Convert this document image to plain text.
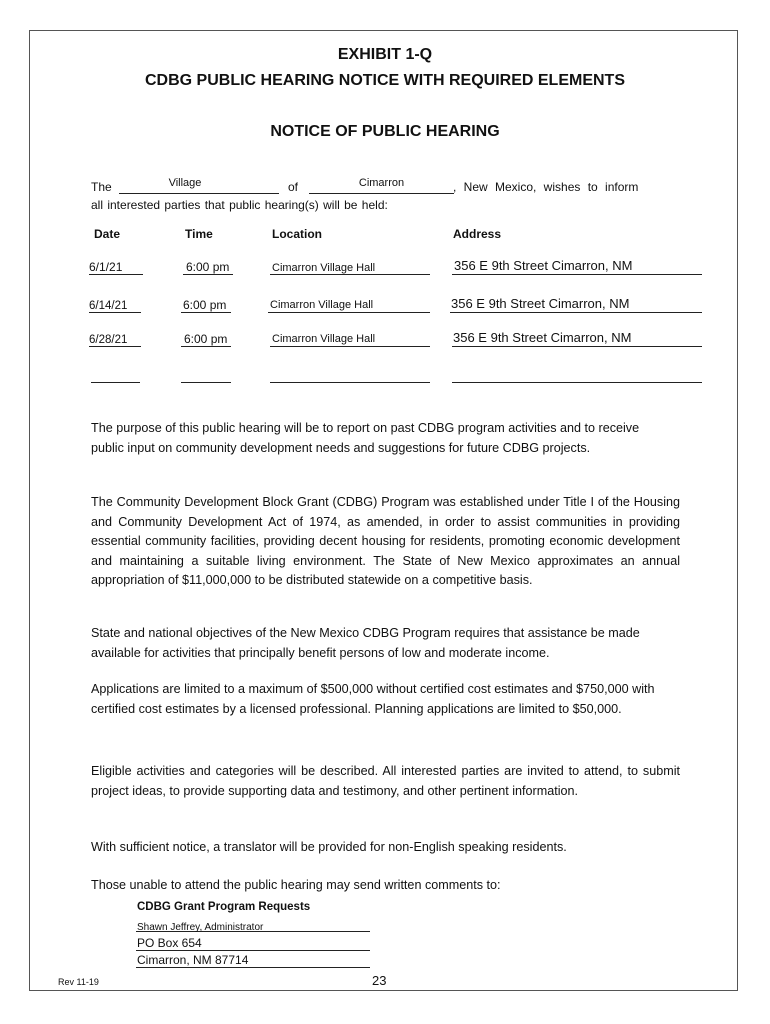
EXHIBIT 1-Q
CDBG PUBLIC HEARING NOTICE WITH REQUIRED ELEMENTS
NOTICE OF PUBLIC HEARING
The	Village	of	Cimarron	, New Mexico, wishes to inform
all interested parties that public hearing(s) will be held:
Date	Time	Location	Address
6/1/21	6:00 pm	Cimarron Village Hall	356 E 9th Street Cimarron, NM
6/14/21	6:00 pm	Cimarron Village Hall	356 E 9th Street Cimarron, NM
6/28/21	6:00 pm	Cimarron Village Hall	356 E 9th Street Cimarron, NM
The purpose of this public hearing will be to report on past CDBG program activities and to receive public input on community development needs and suggestions for future CDBG projects.
The Community Development Block Grant (CDBG) Program was established under Title I of the Housing and Community Development Act of 1974, as amended, in order to assist communities in providing essential community facilities, providing decent housing for residents, promoting economic development and maintaining a suitable living environment. The State of New Mexico approximates an annual appropriation of $11,000,000 to be distributed statewide on a competitive basis.
State and national objectives of the New Mexico CDBG Program requires that assistance be made available for activities that principally benefit persons of low and moderate income.
Applications are limited to a maximum of $500,000 without certified cost estimates and $750,000 with certified cost estimates by a licensed professional. Planning applications are limited to $50,000.
Eligible activities and categories will be described. All interested parties are invited to attend, to submit project ideas, to provide supporting data and testimony, and other pertinent information.
With sufficient notice, a translator will be provided for non-English speaking residents.
Those unable to attend the public hearing may send written comments to:
CDBG Grant Program Requests
Shawn Jeffrey, Administrator
PO Box 654
Cimarron, NM 87714
Rev 11-19	23
